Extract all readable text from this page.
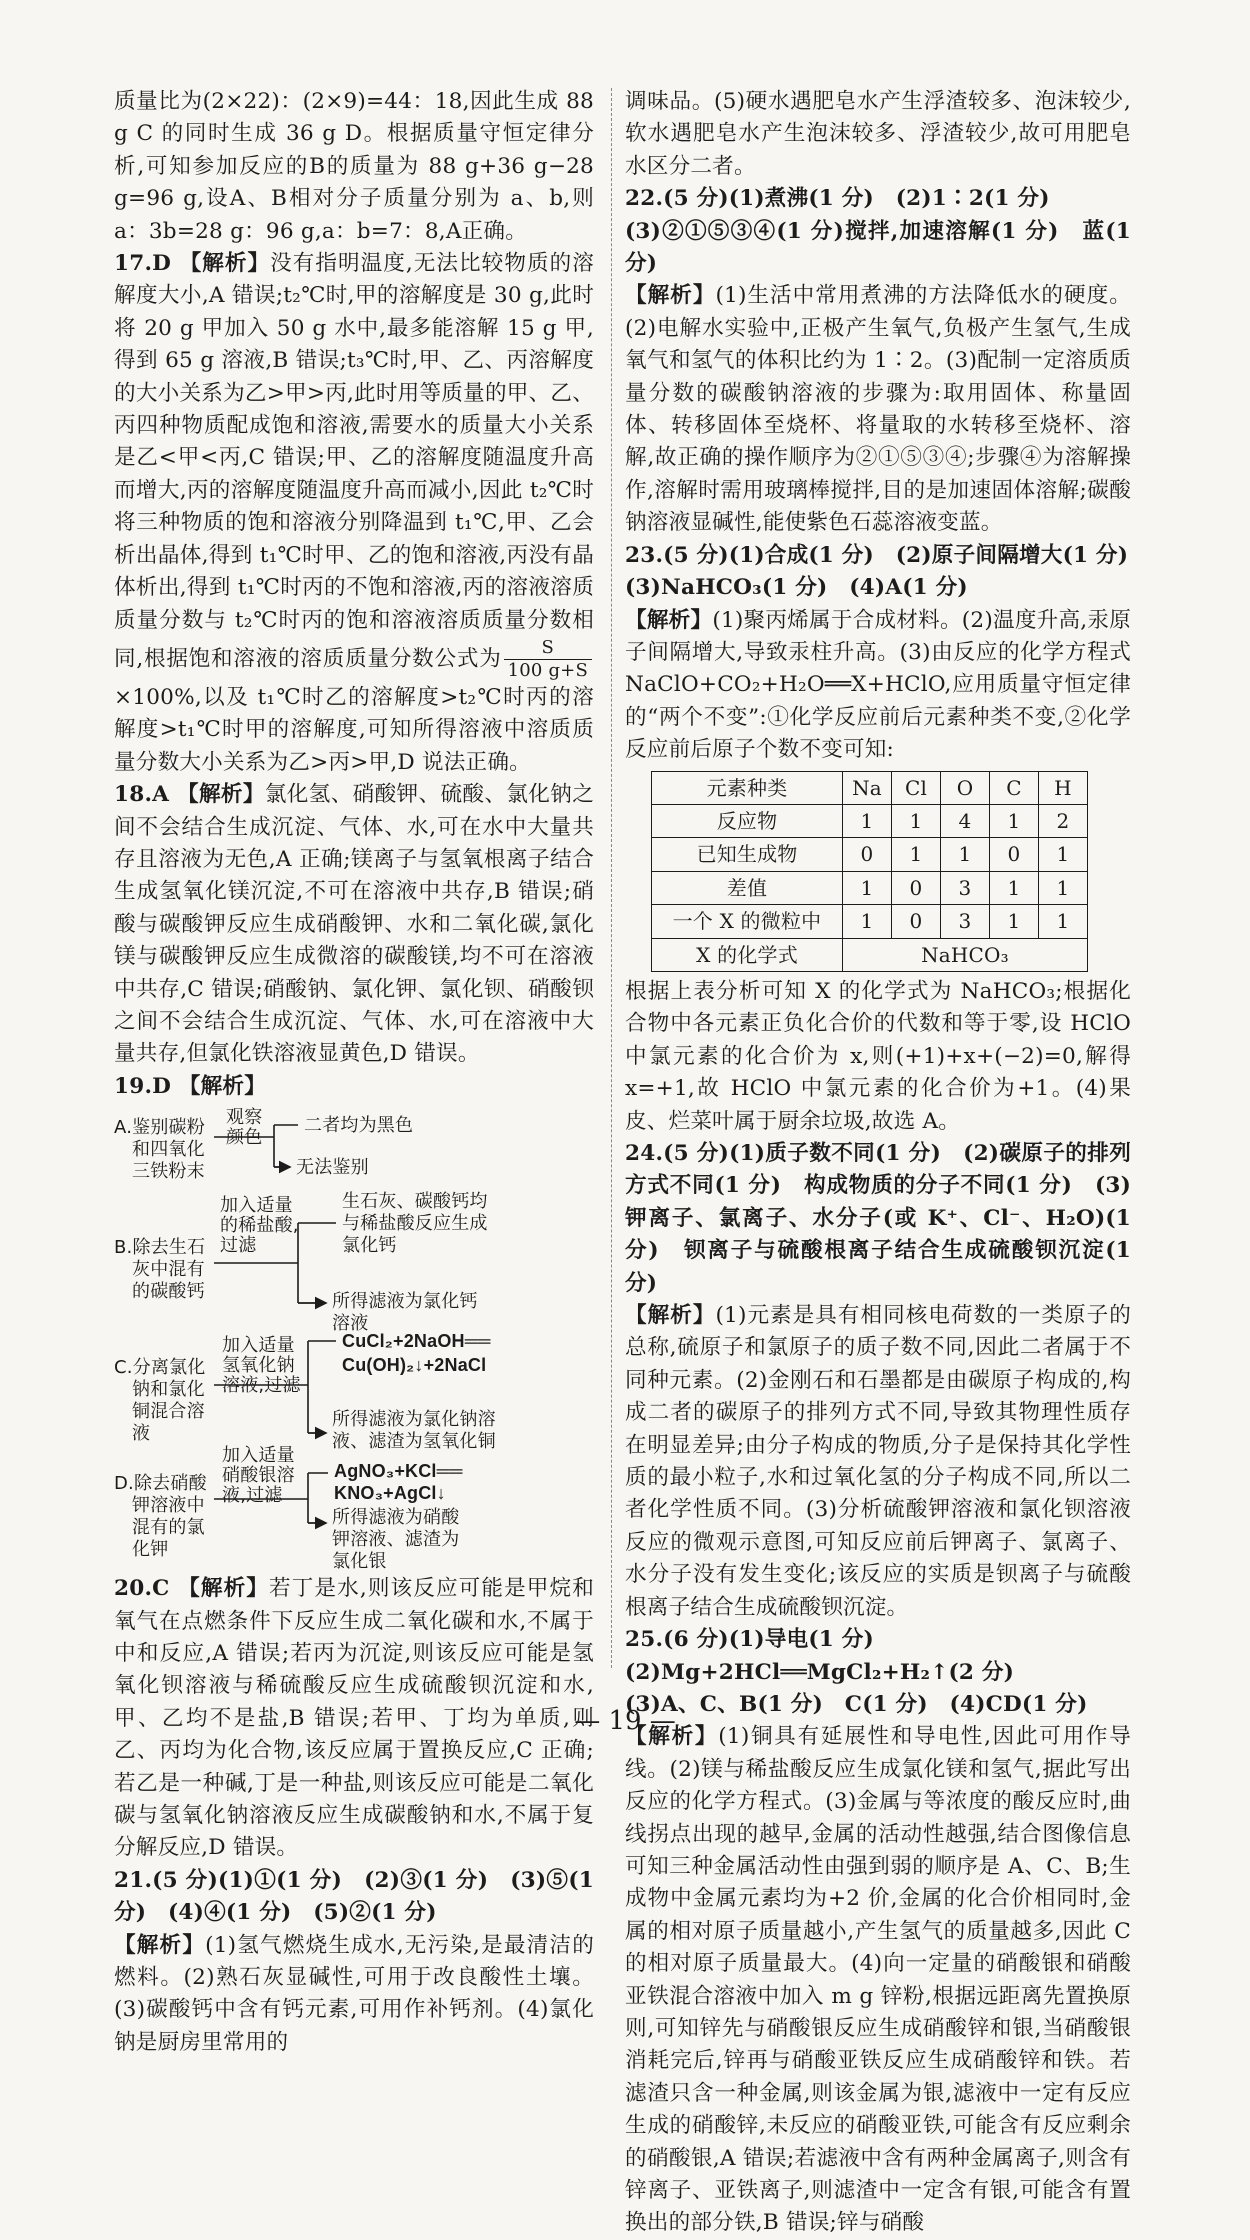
质量比为(2×22)：(2×9)=44：18,因此生成 88 g C 的同时生成 36 g D。根据质量守恒定律分析,可知参加反应的B的质量为 88 g+36 g−28 g=96 g,设A、B相对分子质量分别为 a、b,则 a：3b=28 g：96 g,a：b=7：8,A正确。

17.D 【解析】没有指明温度,无法比较物质的溶解度大小,A 错误;t₂℃时,甲的溶解度是 30 g,此时将 20 g 甲加入 50 g 水中,最多能溶解 15 g 甲,得到 65 g 溶液,B 错误;t₃℃时,甲、乙、丙溶解度的大小关系为乙>甲>丙,此时用等质量的甲、乙、丙四种物质配成饱和溶液,需要水的质量大小关系是乙<甲<丙,C 错误;甲、乙的溶解度随温度升高而增大,丙的溶解度随温度升高而减小,因此 t₂℃时将三种物质的饱和溶液分别降温到 t₁℃,甲、乙会析出晶体,得到 t₁℃时甲、乙的饱和溶液,丙没有晶体析出,得到 t₁℃时丙的不饱和溶液,丙的溶液溶质质量分数与 t₂℃时丙的饱和溶液溶质质量分数相同,根据饱和溶液的溶质质量分数公式为 $\frac{S}{100 g+S}$
×100%,以及 t₁℃时乙的溶解度>t₂℃时丙的溶解度>t₁℃时甲的溶解度,可知所得溶液中溶质质量分数大小关系为乙>丙>甲,D 说法正确。

18.A 【解析】氯化氢、硝酸钾、硫酸、氯化钠之间不会结合生成沉淀、气体、水,可在水中大量共存且溶液为无色,A 正确;镁离子与氢氧根离子结合生成氢氧化镁沉淀,不可在溶液中共存,B 错误;硝酸与碳酸钾反应生成硝酸钾、水和二氧化碳,氯化镁与碳酸钾反应生成微溶的碳酸镁,均不可在溶液中共存,C 错误;硝酸钠、氯化钾、氯化钡、硝酸钡之间不会结合生成沉淀、气体、水,可在溶液中大量共存,但氯化铁溶液显黄色,D 错误。

19.D 【解析】

A.鉴别碳粉
和四氧化
三铁粉末
观察
颜色
二者均为黑色
无法鉴别
B.除去生石
灰中混有
的碳酸钙
加入适量
的稀盐酸,
过滤
生石灰、碳酸钙均
与稀盐酸反应生成
氯化钙
所得滤液为氯化钙
溶液
C.分离氯化
钠和氯化
铜混合溶
液
加入适量
氢氧化钠
溶液,过滤
CuCl₂+2NaOH══
Cu(OH)₂↓+2NaCl
所得滤液为氯化钠溶
液、滤渣为氢氧化铜
D.除去硝酸
钾溶液中
混有的氯
化钾
加入适量
硝酸银溶
液,过滤
AgNO₃+KCl══
KNO₃+AgCl↓
所得滤液为硝酸
钾溶液、滤渣为
氯化银

20.C 【解析】若丁是水,则该反应可能是甲烷和氧气在点燃条件下反应生成二氧化碳和水,不属于中和反应,A 错误;若丙为沉淀,则该反应可能是氢氧化钡溶液与稀硫酸反应生成硫酸钡沉淀和水,甲、乙均不是盐,B 错误;若甲、丁均为单质,则乙、丙均为化合物,该反应属于置换反应,C 正确;若乙是一种碱,丁是一种盐,则该反应可能是二氧化碳与氢氧化钠溶液反应生成碳酸钠和水,不属于复分解反应,D 错误。

21.(5 分)(1)①(1 分)　(2)③(1 分)　(3)⑤(1 分)　(4)④(1 分)　(5)②(1 分)

【解析】(1)氢气燃烧生成水,无污染,是最清洁的燃料。(2)熟石灰显碱性,可用于改良酸性土壤。(3)碳酸钙中含有钙元素,可用作补钙剂。(4)氯化钠是厨房里常用的

调味品。(5)硬水遇肥皂水产生浮渣较多、泡沫较少,软水遇肥皂水产生泡沫较多、浮渣较少,故可用肥皂水区分二者。

22.(5 分)(1)煮沸(1 分)　(2)1∶2(1 分)

(3)②①⑤③④(1 分)搅拌,加速溶解(1 分)　蓝(1 分)

【解析】(1)生活中常用煮沸的方法降低水的硬度。(2)电解水实验中,正极产生氧气,负极产生氢气,生成氧气和氢气的体积比约为 1∶2。(3)配制一定溶质质量分数的碳酸钠溶液的步骤为:取用固体、称量固体、转移固体至烧杯、将量取的水转移至烧杯、溶解,故正确的操作顺序为②①⑤③④;步骤④为溶解操作,溶解时需用玻璃棒搅拌,目的是加速固体溶解;碳酸钠溶液显碱性,能使紫色石蕊溶液变蓝。

23.(5 分)(1)合成(1 分)　(2)原子间隔增大(1 分)

(3)NaHCO₃(1 分)　(4)A(1 分)

【解析】(1)聚丙烯属于合成材料。(2)温度升高,汞原子间隔增大,导致汞柱升高。(3)由反应的化学方程式 NaClO+CO₂+H₂O══X+HClO,应用质量守恒定律的“两个不变”:①化学反应前后元素种类不变,②化学反应前后原子个数不变可知:

元素种类	Na	Cl	O	C	H
反应物	1	1	4	1	2
已知生成物	0	1	1	0	1
差值	1	0	3	1	1
一个 X 的微粒中	1	0	3	1	1
X 的化学式	NaHCO₃				

根据上表分析可知 X 的化学式为 NaHCO₃;根据化合物中各元素正负化合价的代数和等于零,设 HClO 中氯元素的化合价为 x,则(+1)+x+(−2)=0,解得 x=+1,故 HClO 中氯元素的化合价为+1。(4)果皮、烂菜叶属于厨余垃圾,故选 A。

24.(5 分)(1)质子数不同(1 分)　(2)碳原子的排列方式不同(1 分)　构成物质的分子不同(1 分)　(3)钾离子、氯离子、水分子(或 K⁺、Cl⁻、H₂O)(1 分)　钡离子与硫酸根离子结合生成硫酸钡沉淀(1 分)

【解析】(1)元素是具有相同核电荷数的一类原子的总称,硫原子和氯原子的质子数不同,因此二者属于不同种元素。(2)金刚石和石墨都是由碳原子构成的,构成二者的碳原子的排列方式不同,导致其物理性质存在明显差异;由分子构成的物质,分子是保持其化学性质的最小粒子,水和过氧化氢的分子构成不同,所以二者化学性质不同。(3)分析硫酸钾溶液和氯化钡溶液反应的微观示意图,可知反应前后钾离子、氯离子、水分子没有发生变化;该反应的实质是钡离子与硫酸根离子结合生成硫酸钡沉淀。

25.(6 分)(1)导电(1 分)

(2)Mg+2HCl══MgCl₂+H₂↑(2 分)

(3)A、C、B(1 分)　C(1 分)　(4)CD(1 分)

【解析】(1)铜具有延展性和导电性,因此可用作导线。(2)镁与稀盐酸反应生成氯化镁和氢气,据此写出反应的化学方程式。(3)金属与等浓度的酸反应时,曲线拐点出现的越早,金属的活动性越强,结合图像信息可知三种金属活动性由强到弱的顺序是 A、C、B;生成物中金属元素均为+2 价,金属的化合价相同时,金属的相对原子质量越小,产生氢气的质量越多,因此 C 的相对原子质量最大。(4)向一定量的硝酸银和硝酸亚铁混合溶液中加入 m g 锌粉,根据远距离先置换原则,可知锌先与硝酸银反应生成硝酸锌和银,当硝酸银消耗完后,锌再与硝酸亚铁反应生成硝酸锌和铁。若滤渣只含一种金属,则该金属为银,滤液中一定有反应生成的硝酸锌,未反应的硝酸亚铁,可能含有反应剩余的硝酸银,A 错误;若滤液中含有两种金属离子,则含有锌离子、亚铁离子,则滤渣中一定含有银,可能含有置换出的部分铁,B 错误;锌与硝酸

— 19 —
